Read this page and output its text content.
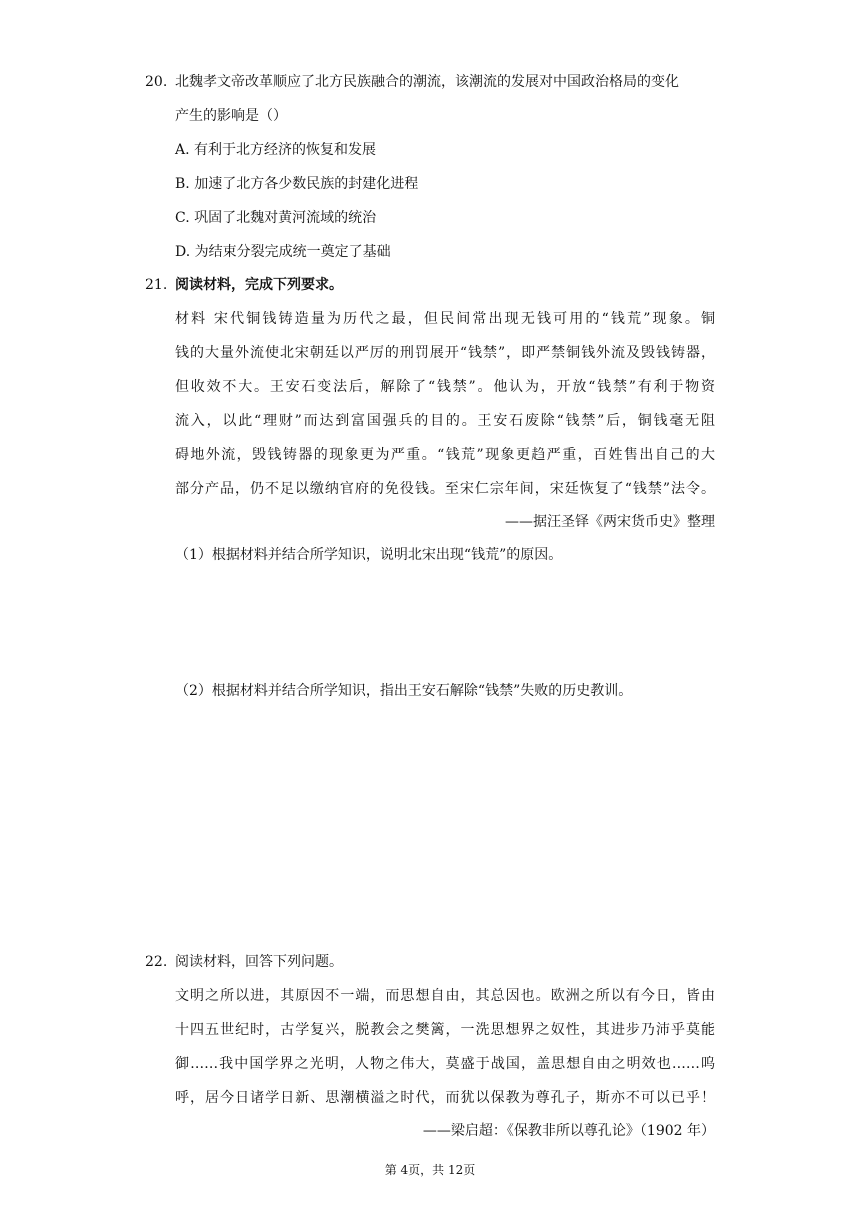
20. 北魏孝文帝改革顺应了北方民族融合的潮流，该潮流的发展对中国政治格局的变化
产生的影响是（）
A. 有利于北方经济的恢复和发展
B. 加速了北方各少数民族的封建化进程
C. 巩固了北魏对黄河流域的统治
D. 为结束分裂完成统一奠定了基础
21. 阅读材料，完成下列要求。
材料 宋代铜钱铸造量为历代之最，但民间常出现无钱可用的“钱荒”现象。铜
钱的大量外流使北宋朝廷以严厉的刑罚展开“钱禁”，即严禁铜钱外流及毁钱铸器，
但收效不大。王安石变法后，解除了“钱禁”。他认为，开放“钱禁”有利于物资
流入，以此“理财”而达到富国强兵的目的。王安石废除“钱禁”后，铜钱毫无阻
碍地外流，毁钱铸器的现象更为严重。“钱荒”现象更趋严重，百姓售出自己的大
部分产品，仍不足以缴纳官府的免役钱。至宋仁宗年间，宋廷恢复了“钱禁”法令。
——据汪圣铎《两宋货币史》整理
（1）根据材料并结合所学知识，说明北宋出现“钱荒”的原因。
（2）根据材料并结合所学知识，指出王安石解除“钱禁”失败的历史教训。
22. 阅读材料，回答下列问题。
文明之所以进，其原因不一端，而思想自由，其总因也。欧洲之所以有今日，皆由
十四五世纪时，古学复兴，脱教会之樊篱，一洗思想界之奴性，其进步乃沛乎莫能
御……我中国学界之光明，人物之伟大，莫盛于战国，盖思想自由之明效也……呜
呼，居今日诸学日新、思潮横溢之时代，而犹以保教为尊孔子，斯亦不可以已乎！
——梁启超：《保教非所以尊孔论》（1902 年）
第 4页，共 12页
